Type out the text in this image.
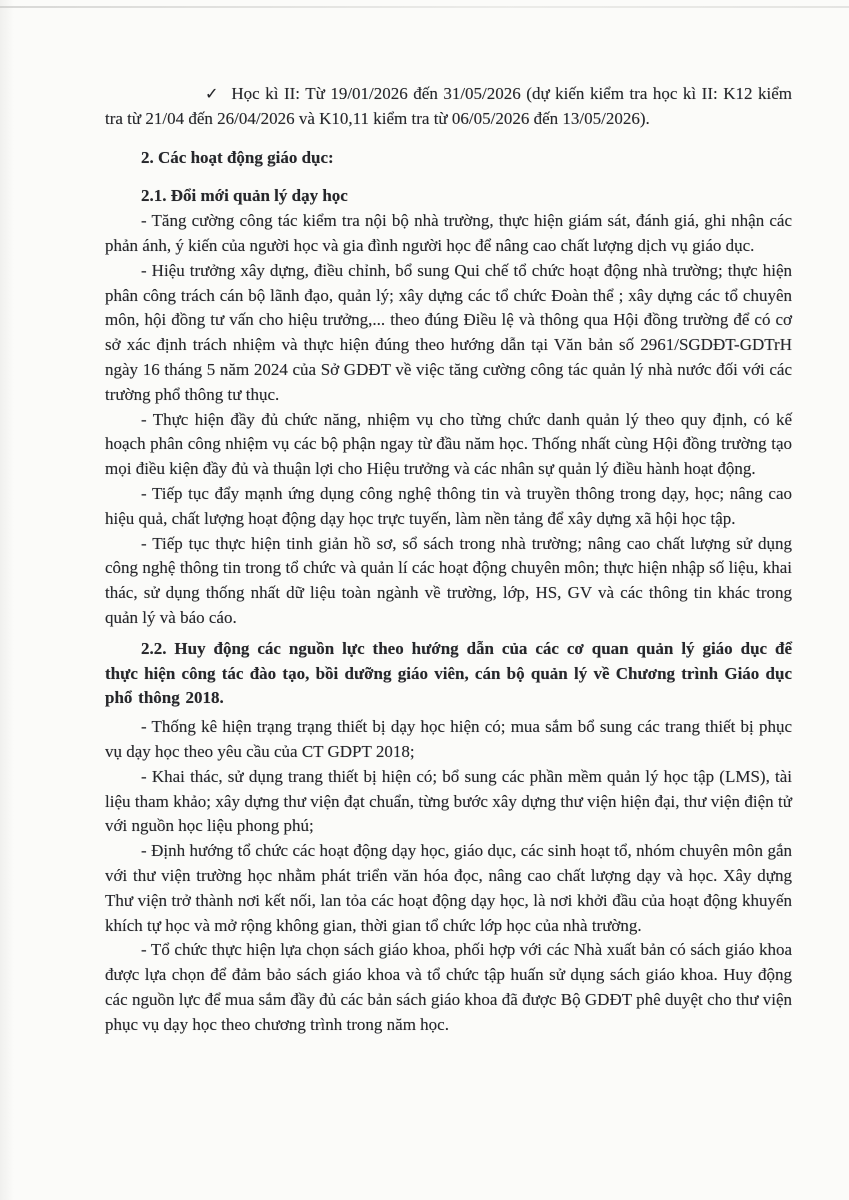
✓ Học kì II: Từ 19/01/2026 đến 31/05/2026 (dự kiến kiểm tra học kì II: K12 kiểm tra từ 21/04 đến 26/04/2026 và K10,11 kiểm tra từ 06/05/2026 đến 13/05/2026).

2. Các hoạt động giáo dục:

2.1. Đổi mới quản lý dạy học

- Tăng cường công tác kiểm tra nội bộ nhà trường, thực hiện giám sát, đánh giá, ghi nhận các phản ánh, ý kiến của người học và gia đình người học để nâng cao chất lượng dịch vụ giáo dục.

- Hiệu trưởng xây dựng, điều chỉnh, bổ sung Qui chế tổ chức hoạt động nhà trường; thực hiện phân công trách cán bộ lãnh đạo, quản lý; xây dựng các tổ chức Đoàn thể ; xây dựng các tổ chuyên môn, hội đồng tư vấn cho hiệu trưởng,... theo đúng Điều lệ và thông qua Hội đồng trường để có cơ sở xác định trách nhiệm và thực hiện đúng theo hướng dẫn tại Văn bản số 2961/SGDĐT-GDTrH ngày 16 tháng 5 năm 2024 của Sở GDĐT về việc tăng cường công tác quản lý nhà nước đối với các trường phổ thông tư thục.

- Thực hiện đầy đủ chức năng, nhiệm vụ cho từng chức danh quản lý theo quy định, có kế hoạch phân công nhiệm vụ các bộ phận ngay từ đầu năm học. Thống nhất cùng Hội đồng trường tạo mọi điều kiện đầy đủ và thuận lợi cho Hiệu trưởng và các nhân sự quản lý điều hành hoạt động.

- Tiếp tục đẩy mạnh ứng dụng công nghệ thông tin và truyền thông trong dạy, học; nâng cao hiệu quả, chất lượng hoạt động dạy học trực tuyến, làm nền tảng để xây dựng xã hội học tập.

- Tiếp tục thực hiện tinh giản hồ sơ, sổ sách trong nhà trường; nâng cao chất lượng sử dụng công nghệ thông tin trong tổ chức và quản lí các hoạt động chuyên môn; thực hiện nhập số liệu, khai thác, sử dụng thống nhất dữ liệu toàn ngành về trường, lớp, HS, GV và các thông tin khác trong quản lý và báo cáo.

2.2. Huy động các nguồn lực theo hướng dẫn của các cơ quan quản lý giáo dục để thực hiện công tác đào tạo, bồi dưỡng giáo viên, cán bộ quản lý về Chương trình Giáo dục phổ thông 2018.

- Thống kê hiện trạng trạng thiết bị dạy học hiện có; mua sắm bổ sung các trang thiết bị phục vụ dạy học theo yêu cầu của CT GDPT 2018;

- Khai thác, sử dụng trang thiết bị hiện có; bổ sung các phần mềm quản lý học tập (LMS), tài liệu tham khảo; xây dựng thư viện đạt chuẩn, từng bước xây dựng thư viện hiện đại, thư viện điện tử với nguồn học liệu phong phú;

- Định hướng tổ chức các hoạt động dạy học, giáo dục, các sinh hoạt tổ, nhóm chuyên môn gắn với thư viện trường học nhằm phát triển văn hóa đọc, nâng cao chất lượng dạy và học. Xây dựng Thư viện trở thành nơi kết nối, lan tỏa các hoạt động dạy học, là nơi khởi đầu của hoạt động khuyến khích tự học và mở rộng không gian, thời gian tổ chức lớp học của nhà trường.

- Tổ chức thực hiện lựa chọn sách giáo khoa, phối hợp với các Nhà xuất bản có sách giáo khoa được lựa chọn để đảm bảo sách giáo khoa và tổ chức tập huấn sử dụng sách giáo khoa. Huy động các nguồn lực để mua sắm đầy đủ các bản sách giáo khoa đã được Bộ GDĐT phê duyệt cho thư viện phục vụ dạy học theo chương trình trong năm học.
